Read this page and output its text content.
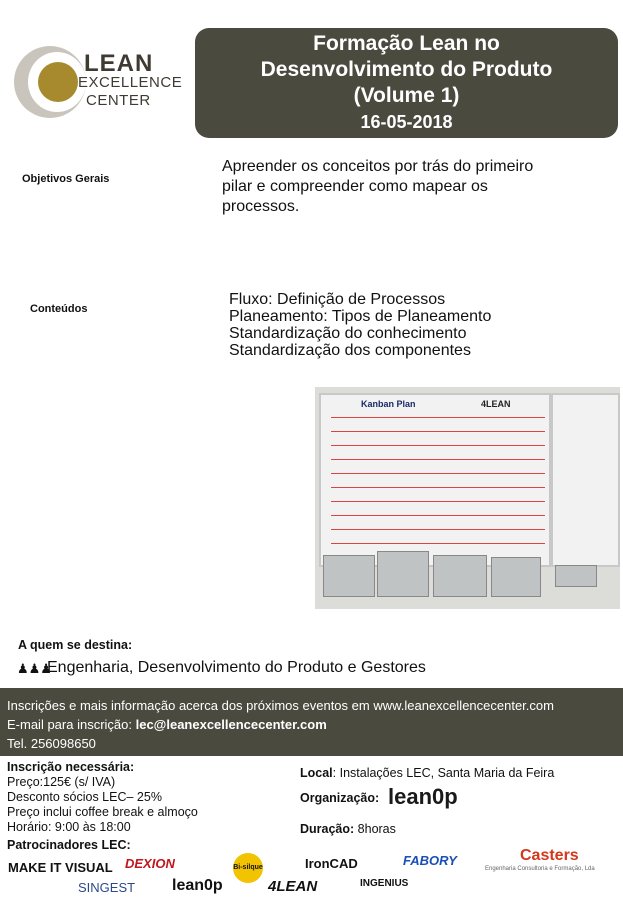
LEAN
EXCELLENCE
CENTER
Formação Lean no
Desenvolvimento do Produto
(Volume 1)
16-05-2018
Objetivos Gerais
Apreender os conceitos por trás do primeiro pilar e compreender como mapear os processos.
Conteúdos
Fluxo: Definição de Processos
Planeamento: Tipos de Planeamento
Standardização do conhecimento
Standardização dos componentes
Kanban Plan	4LEAN
A quem se destina:
♟♟♟
Engenharia, Desenvolvimento do Produto e Gestores
Inscrições e mais informação acerca dos próximos eventos em www.leanexcellencecenter.com
E-mail para inscrição: lec@leanexcellencecenter.com
Tel. 256098650
Inscrição necessária:
Preço:125€ (s/ IVA)
Desconto sócios LEC– 25%
Preço inclui coffee break e almoço
Horário: 9:00 às 18:00
Local: Instalações LEC, Santa Maria da Feira
Organização: lean0p
Duração: 8horas
Patrocinadores LEC:
MAKE IT VISUAL DEXION	Bi-silque	IronCAD	FABORY	Casters
SINGEST lean0p	4LEAN	INGENIUS
Engenharia Consultoria e Formação, Lda
